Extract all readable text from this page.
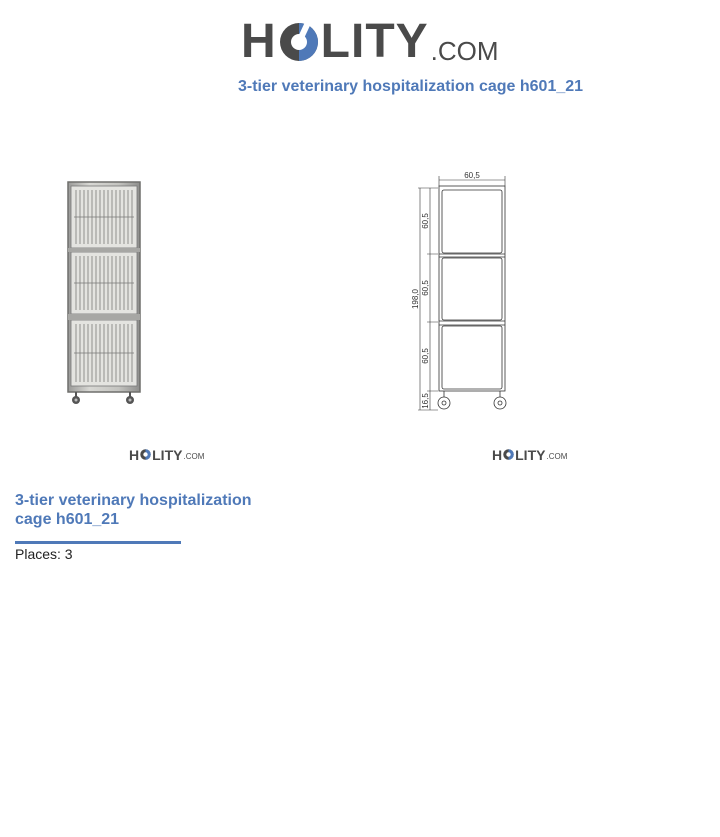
H LITY .COM
3-tier veterinary hospitalization cage h601_21
60,5
60,5
60,5
60,5
198,0
16,5
H LITY .COM	H LITY .COM
3-tier veterinary hospitalization cage h601_21
Places: 3
